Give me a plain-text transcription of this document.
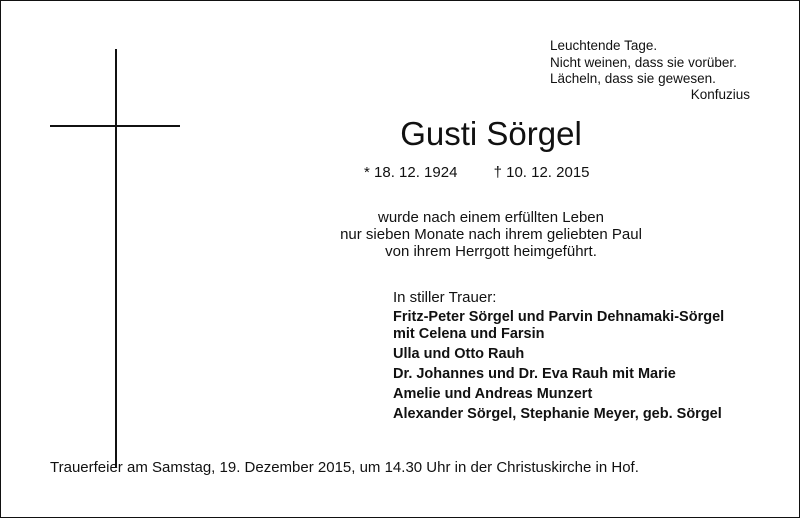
Leuchtende Tage.
Nicht weinen, dass sie vorüber.
Lächeln, dass sie gewesen.
Konfuzius
Gusti Sörgel
* 18. 12. 1924 † 10. 12. 2015
wurde nach einem erfüllten Leben
nur sieben Monate nach ihrem geliebten Paul
von ihrem Herrgott heimgeführt.
In stiller Trauer:
Fritz-Peter Sörgel und Parvin Dehnamaki-Sörgel
mit Celena und Farsin
Ulla und Otto Rauh
Dr. Johannes und Dr. Eva Rauh mit Marie
Amelie und Andreas Munzert
Alexander Sörgel, Stephanie Meyer, geb. Sörgel
Trauerfeier am Samstag, 19. Dezember 2015, um 14.30 Uhr in der Christuskirche in Hof.
